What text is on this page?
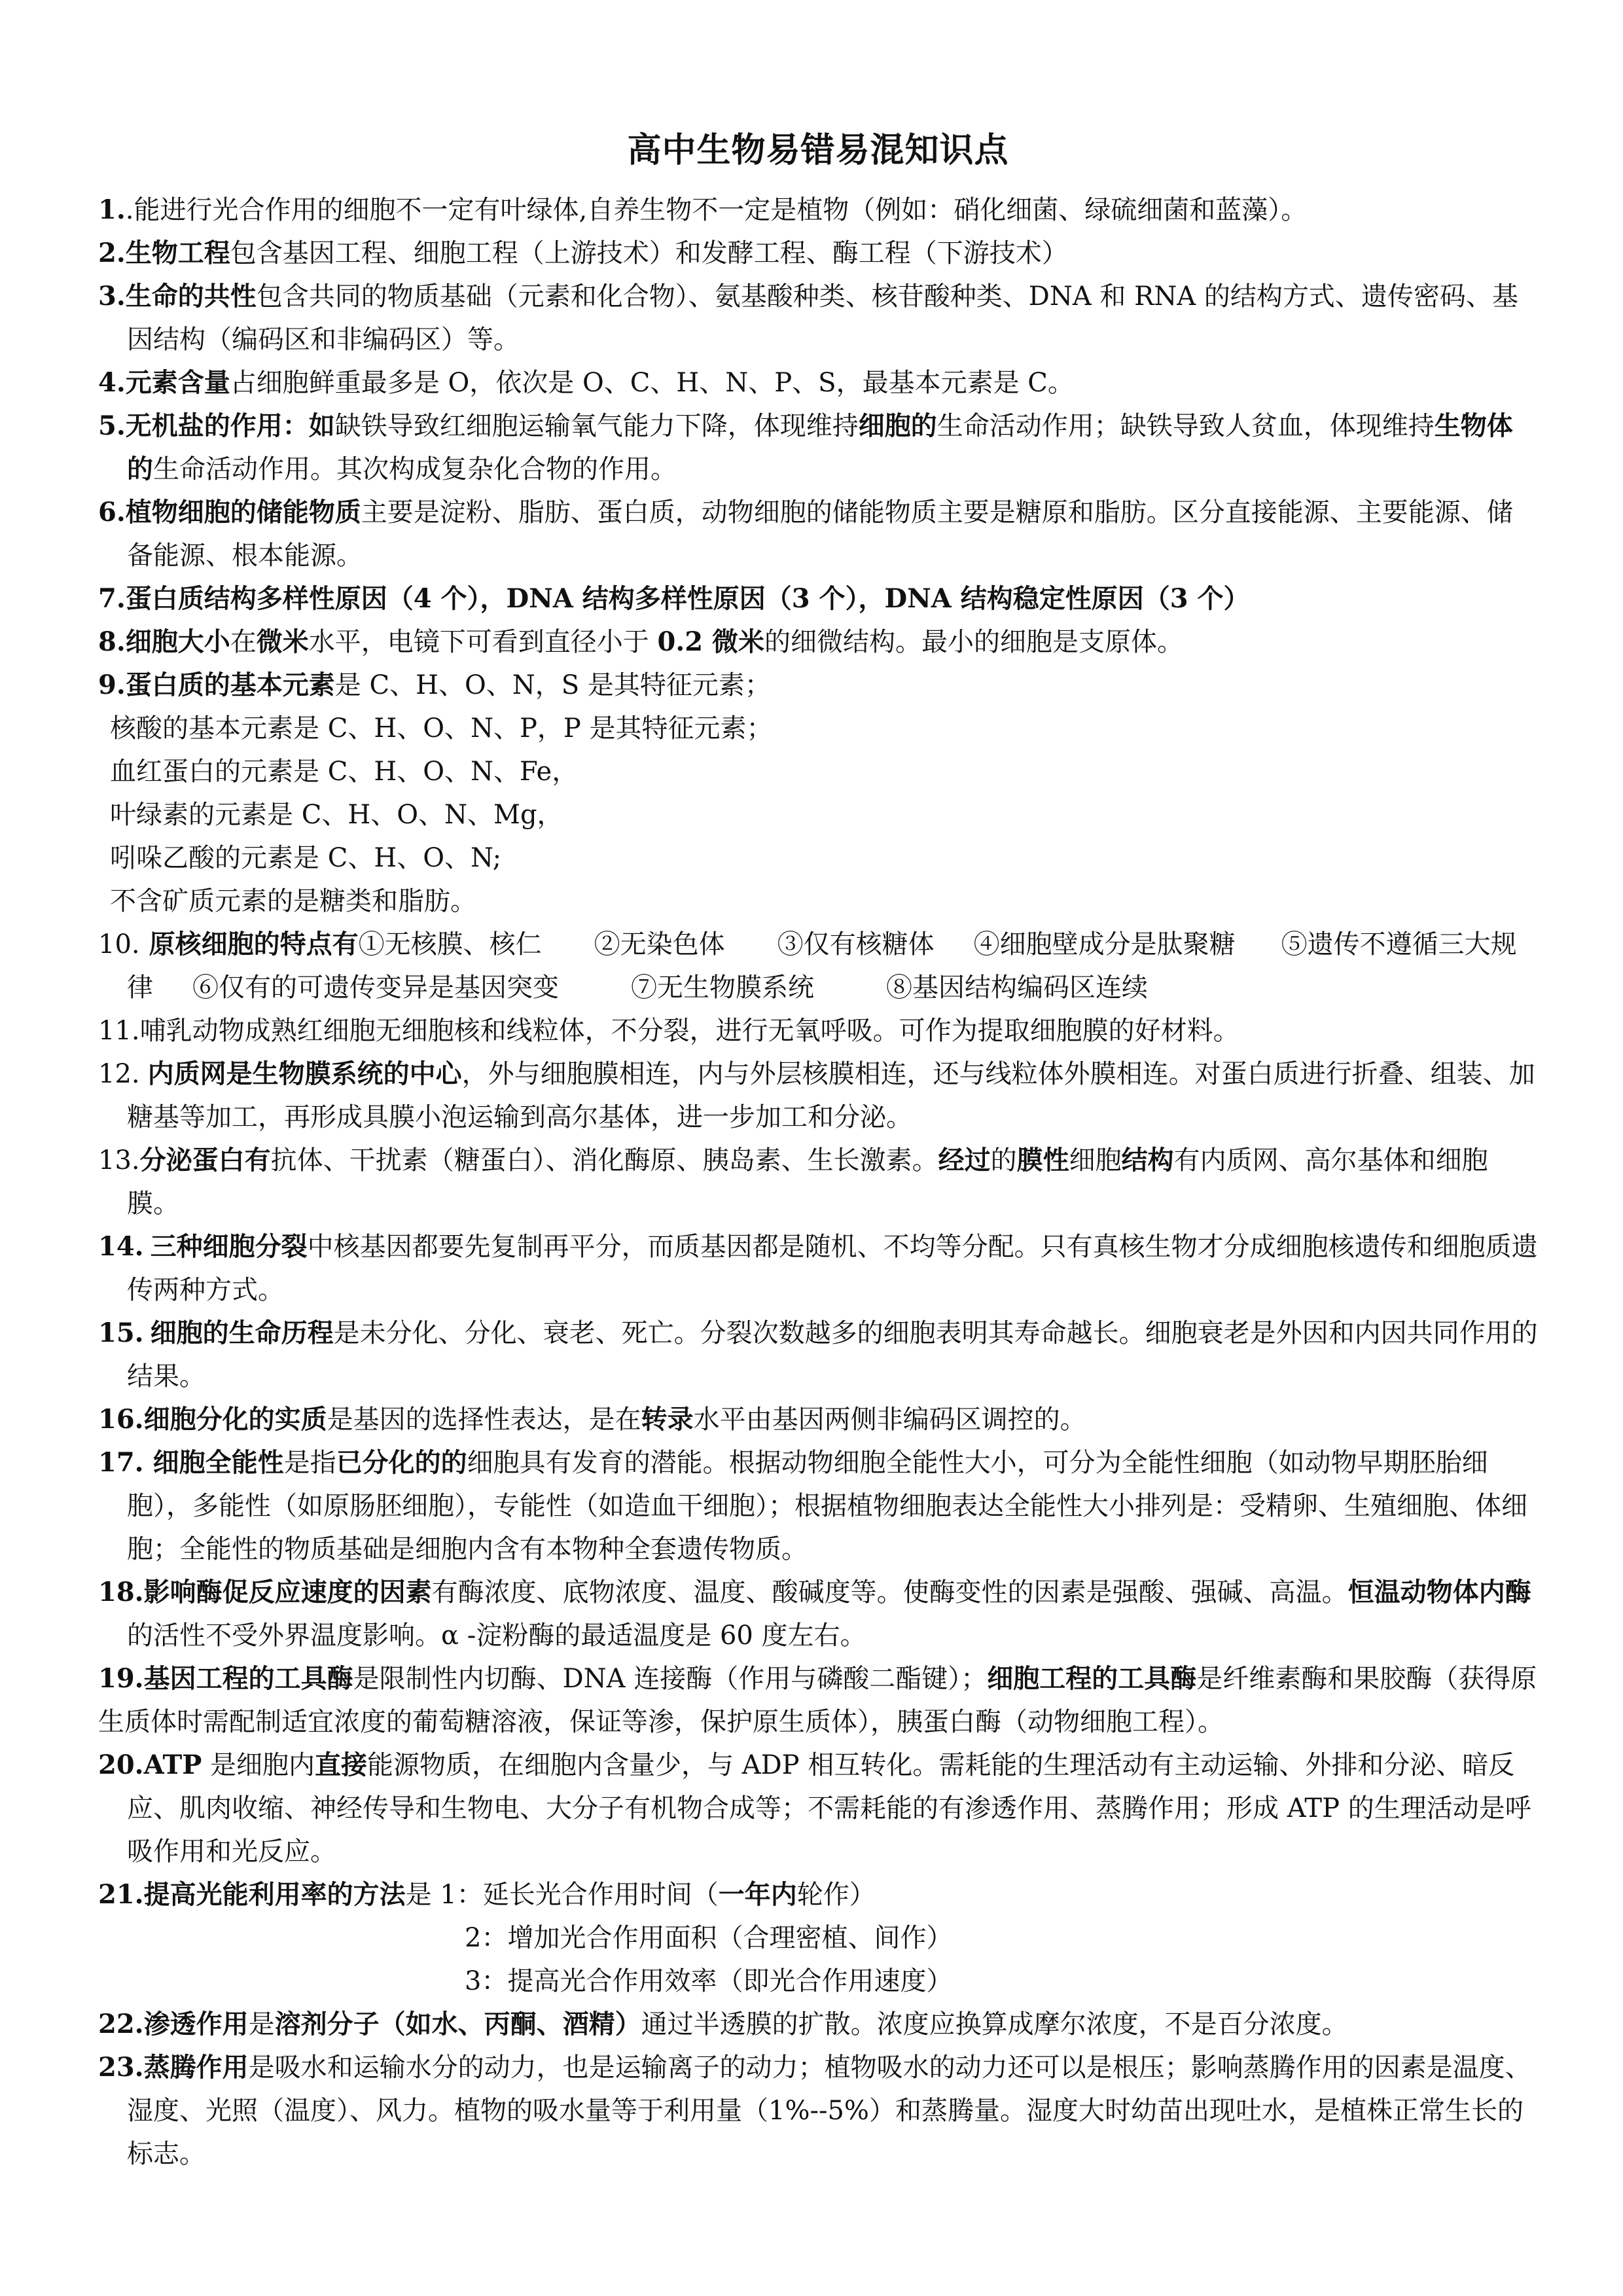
高中生物易错易混知识点

1..能进行光合作用的细胞不一定有叶绿体,自养生物不一定是植物（例如：硝化细菌、绿硫细菌和蓝藻）。

2.生物工程包含基因工程、细胞工程（上游技术）和发酵工程、酶工程（下游技术）

3.生命的共性包含共同的物质基础（元素和化合物）、氨基酸种类、核苷酸种类、DNA 和 RNA 的结构方式、遗传密码、基因结构（编码区和非编码区）等。

4.元素含量占细胞鲜重最多是 O，依次是 O、C、H、N、P、S，最基本元素是 C。

5.无机盐的作用：如缺铁导致红细胞运输氧气能力下降，体现维持细胞的生命活动作用；缺铁导致人贫血，体现维持生物体的生命活动作用。其次构成复杂化合物的作用。

6.植物细胞的储能物质主要是淀粉、脂肪、蛋白质，动物细胞的储能物质主要是糖原和脂肪。区分直接能源、主要能源、储备能源、根本能源。

7.蛋白质结构多样性原因（4 个），DNA 结构多样性原因（3 个），DNA 结构稳定性原因（3 个）

8.细胞大小在微米水平，电镜下可看到直径小于 0.2 微米的细微结构。最小的细胞是支原体。

9.蛋白质的基本元素是 C、H、O、N，S 是其特征元素；

核酸的基本元素是 C、H、O、N、P，P 是其特征元素；

血红蛋白的元素是 C、H、O、N、Fe，

叶绿素的元素是 C、H、O、N、Mg，

吲哚乙酸的元素是 C、H、O、N;

不含矿质元素的是糖类和脂肪。

10. 原核细胞的特点有①无核膜、核仁 ②无染色体 ③仅有核糖体 ④细胞壁成分是肽聚糖 ⑤遗传不遵循三大规律 ⑥仅有的可遗传变异是基因突变	⑦无生物膜系统	⑧基因结构编码区连续

11.哺乳动物成熟红细胞无细胞核和线粒体，不分裂，进行无氧呼吸。可作为提取细胞膜的好材料。

12. 内质网是生物膜系统的中心，外与细胞膜相连，内与外层核膜相连，还与线粒体外膜相连。对蛋白质进行折叠、组装、加糖基等加工，再形成具膜小泡运输到高尔基体，进一步加工和分泌。

13.分泌蛋白有抗体、干扰素（糖蛋白）、消化酶原、胰岛素、生长激素。经过的膜性细胞结构有内质网、高尔基体和细胞膜。

14. 三种细胞分裂中核基因都要先复制再平分，而质基因都是随机、不均等分配。只有真核生物才分成细胞核遗传和细胞质遗传两种方式。

15. 细胞的生命历程是未分化、分化、衰老、死亡。分裂次数越多的细胞表明其寿命越长。细胞衰老是外因和内因共同作用的结果。

16.细胞分化的实质是基因的选择性表达，是在转录水平由基因两侧非编码区调控的。

17. 细胞全能性是指已分化的的细胞具有发育的潜能。根据动物细胞全能性大小，可分为全能性细胞（如动物早期胚胎细胞），多能性（如原肠胚细胞），专能性（如造血干细胞）；根据植物细胞表达全能性大小排列是：受精卵、生殖细胞、体细胞；全能性的物质基础是细胞内含有本物种全套遗传物质。

18.影响酶促反应速度的因素有酶浓度、底物浓度、温度、酸碱度等。使酶变性的因素是强酸、强碱、高温。恒温动物体内酶的活性不受外界温度影响。α -淀粉酶的最适温度是 60 度左右。

19.基因工程的工具酶是限制性内切酶、DNA 连接酶（作用与磷酸二酯键）；细胞工程的工具酶是纤维素酶和果胶酶（获得原生质体时需配制适宜浓度的葡萄糖溶液，保证等渗，保护原生质体），胰蛋白酶（动物细胞工程）。

20.ATP 是细胞内直接能源物质，在细胞内含量少，与 ADP 相互转化。需耗能的生理活动有主动运输、外排和分泌、暗反应、肌肉收缩、神经传导和生物电、大分子有机物合成等；不需耗能的有渗透作用、蒸腾作用；形成 ATP 的生理活动是呼吸作用和光反应。

21.提高光能利用率的方法是 1：延长光合作用时间（一年内轮作）

2：增加光合作用面积（合理密植、间作）

3：提高光合作用效率（即光合作用速度）

22.渗透作用是溶剂分子（如水、丙酮、酒精）通过半透膜的扩散。浓度应换算成摩尔浓度，不是百分浓度。

23.蒸腾作用是吸水和运输水分的动力，也是运输离子的动力；植物吸水的动力还可以是根压；影响蒸腾作用的因素是温度、湿度、光照（温度）、风力。植物的吸水量等于利用量（1%--5%）和蒸腾量。湿度大时幼苗出现吐水，是植株正常生长的标志。
